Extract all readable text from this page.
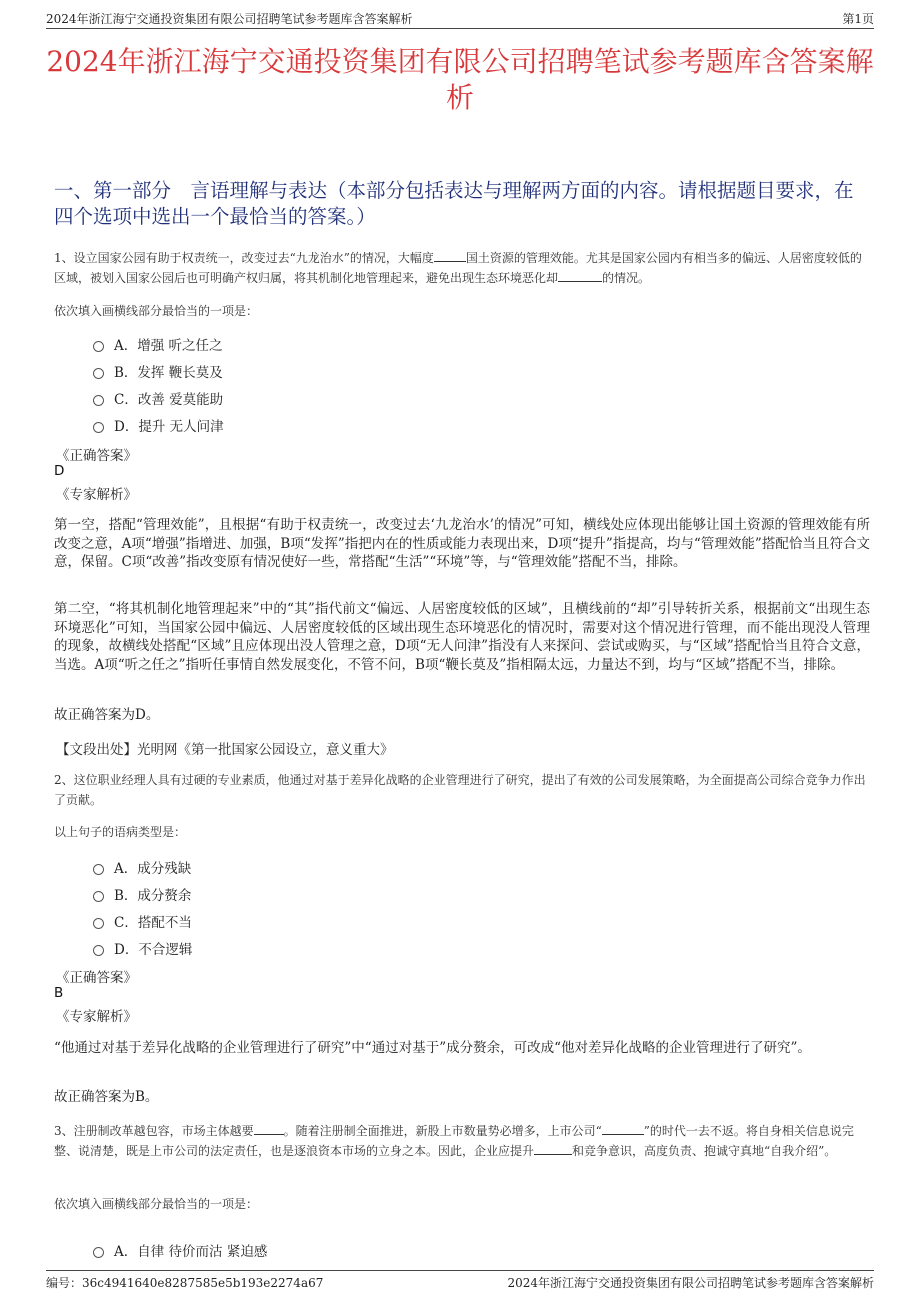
2024年浙江海宁交通投资集团有限公司招聘笔试参考题库含答案解析	第1页
2024年浙江海宁交通投资集团有限公司招聘笔试参考题库含答案解析
一、第一部分　言语理解与表达（本部分包括表达与理解两方面的内容。请根据题目要求，在四个选项中选出一个最恰当的答案。）
1、设立国家公园有助于权责统一，改变过去“九龙治水”的情况，大幅度	国土资源的管理效能。尤其是国家公园内有相当多的偏远、人居密度较低的区域，被划入国家公园后也可明确产权归属，将其机制化地管理起来，避免出现生态环境恶化却	的情况。
依次填入画横线部分最恰当的一项是：
A．增强 听之任之
B．发挥 鞭长莫及
C．改善 爱莫能助
D．提升 无人问津
《正确答案》
D
《专家解析》
第一空，搭配“管理效能”，且根据“有助于权责统一，改变过去‘九龙治水’的情况”可知，横线处应体现出能够让国土资源的管理效能有所改变之意，A项“增强”指增进、加强，B项“发挥”指把内在的性质或能力表现出来，D项“提升”指提高，均与“管理效能”搭配恰当且符合文意，保留。C项“改善”指改变原有情况使好一些，常搭配“生活”“环境”等，与“管理效能”搭配不当，排除。
第二空，“将其机制化地管理起来”中的“其”指代前文“偏远、人居密度较低的区域”，且横线前的“却”引导转折关系，根据前文“出现生态环境恶化”可知，当国家公园中偏远、人居密度较低的区域出现生态环境恶化的情况时，需要对这个情况进行管理，而不能出现没人管理的现象，故横线处搭配“区域”且应体现出没人管理之意，D项“无人问津”指没有人来探问、尝试或购买，与“区域”搭配恰当且符合文意，当选。A项“听之任之”指听任事情自然发展变化，不管不问，B项“鞭长莫及”指相隔太远，力量达不到，均与“区域”搭配不当，排除。
故正确答案为D。
【文段出处】光明网《第一批国家公园设立，意义重大》
2、这位职业经理人具有过硬的专业素质，他通过对基于差异化战略的企业管理进行了研究，提出了有效的公司发展策略，为全面提高公司综合竞争力作出了贡献。
以上句子的语病类型是：
A．成分残缺
B．成分赘余
C．搭配不当
D．不合逻辑
《正确答案》
B
《专家解析》
“他通过对基于差异化战略的企业管理进行了研究”中“通过对基于”成分赘余，可改成“他对差异化战略的企业管理进行了研究”。
故正确答案为B。
3、注册制改革越包容，市场主体越要	。随着注册制全面推进，新股上市数量势必增多，上市公司“	”的时代一去不返。将自身相关信息说完整、说清楚，既是上市公司的法定责任，也是逐浪资本市场的立身之本。因此，企业应提升	和竞争意识，高度负责、抱诚守真地“自我介绍”。
依次填入画横线部分最恰当的一项是：
A．自律 待价而沽 紧迫感
编号：36c4941640e8287585e5b193e2274a67	2024年浙江海宁交通投资集团有限公司招聘笔试参考题库含答案解析
